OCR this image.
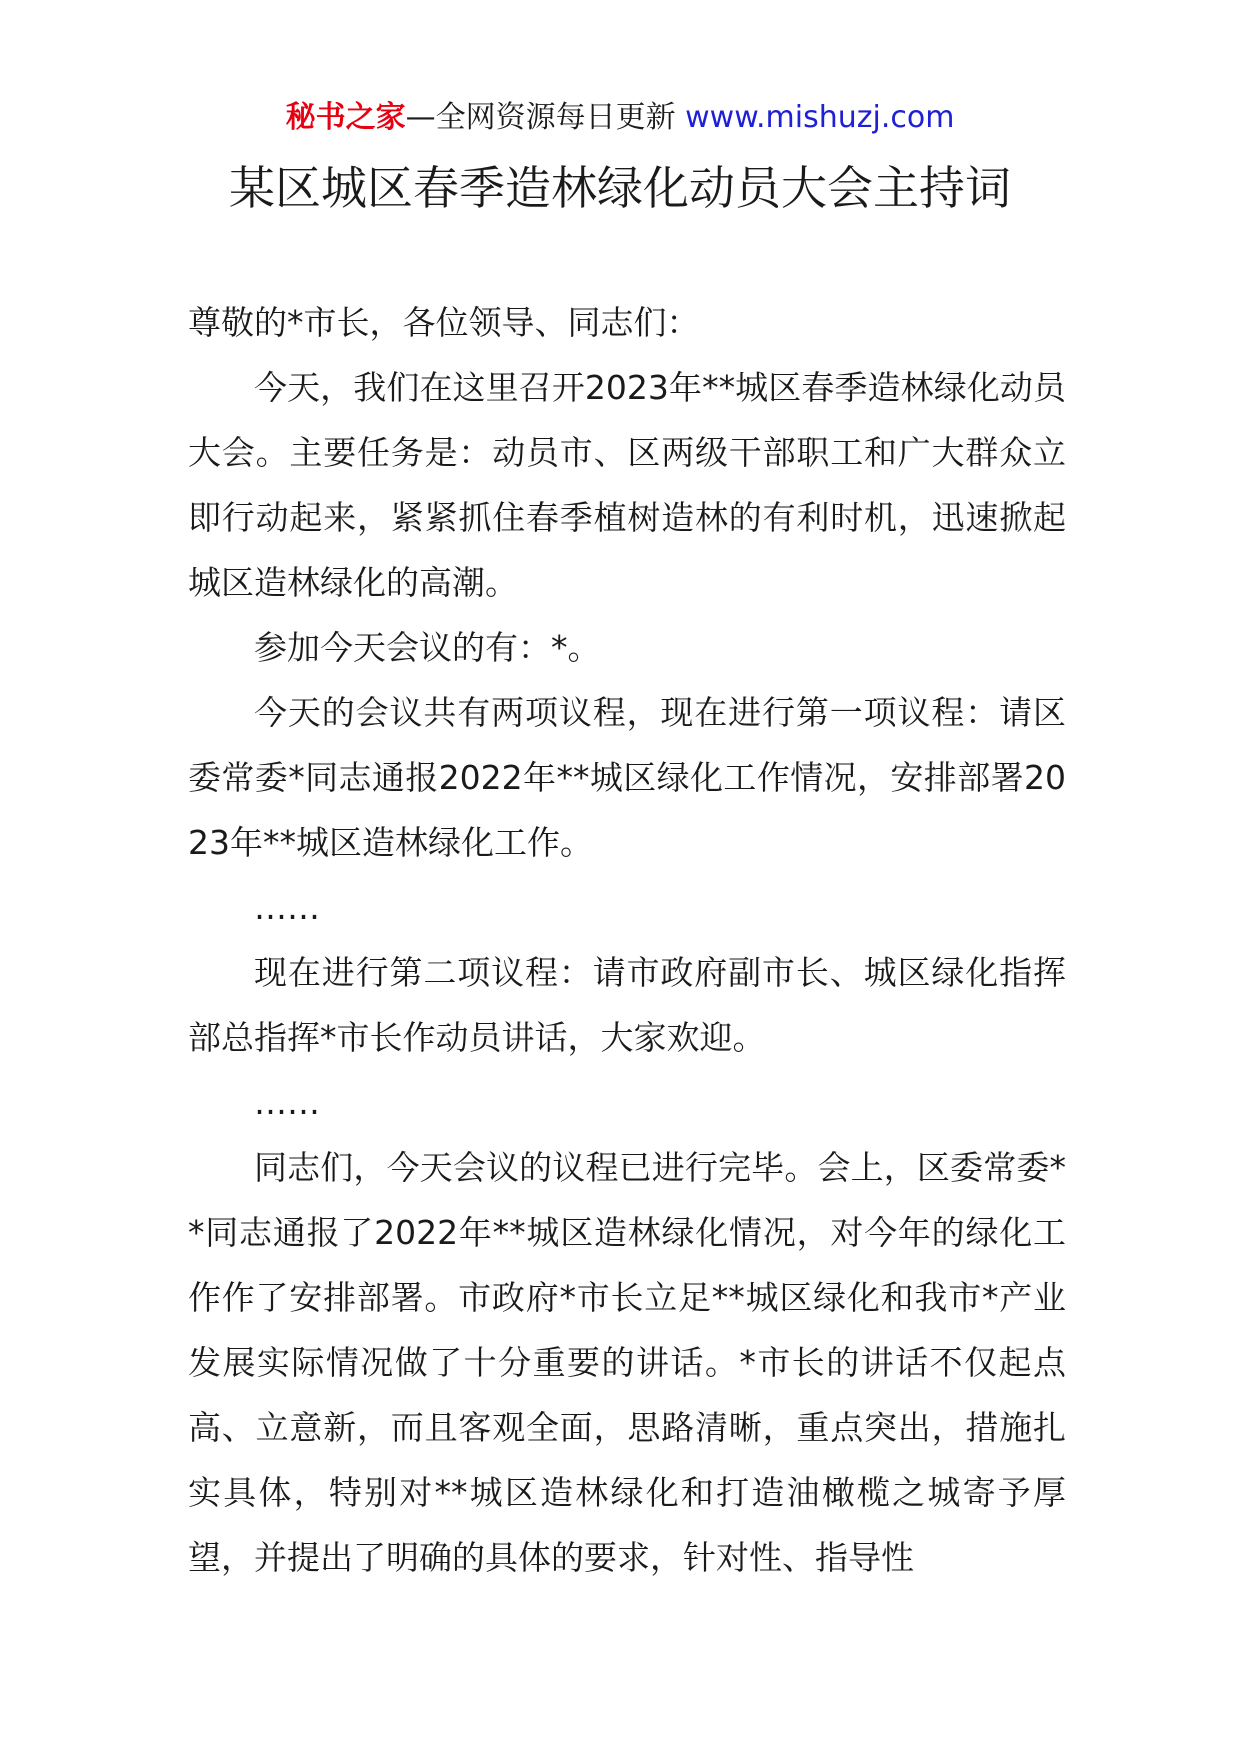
秘书之家—全网资源每日更新 www.mishuzj.com
某区城区春季造林绿化动员大会主持词

尊敬的*市长，各位领导、同志们：

今天，我们在这里召开2023年**城区春季造林绿化动员大会。主要任务是：动员市、区两级干部职工和广大群众立即行动起来，紧紧抓住春季植树造林的有利时机，迅速掀起城区造林绿化的高潮。

参加今天会议的有：*。

今天的会议共有两项议程，现在进行第一项议程：请区委常委*同志通报2022年**城区绿化工作情况，安排部署2023年**城区造林绿化工作。

……

现在进行第二项议程：请市政府副市长、城区绿化指挥部总指挥*市长作动员讲话，大家欢迎。

……

同志们，今天会议的议程已进行完毕。会上，区委常委**同志通报了2022年**城区造林绿化情况，对今年的绿化工作作了安排部署。市政府*市长立足**城区绿化和我市*产业发展实际情况做了十分重要的讲话。*市长的讲话不仅起点高、立意新，而且客观全面，思路清晰，重点突出，措施扎实具体，特别对**城区造林绿化和打造油橄榄之城寄予厚望，并提出了明确的具体的要求，针对性、指导性
